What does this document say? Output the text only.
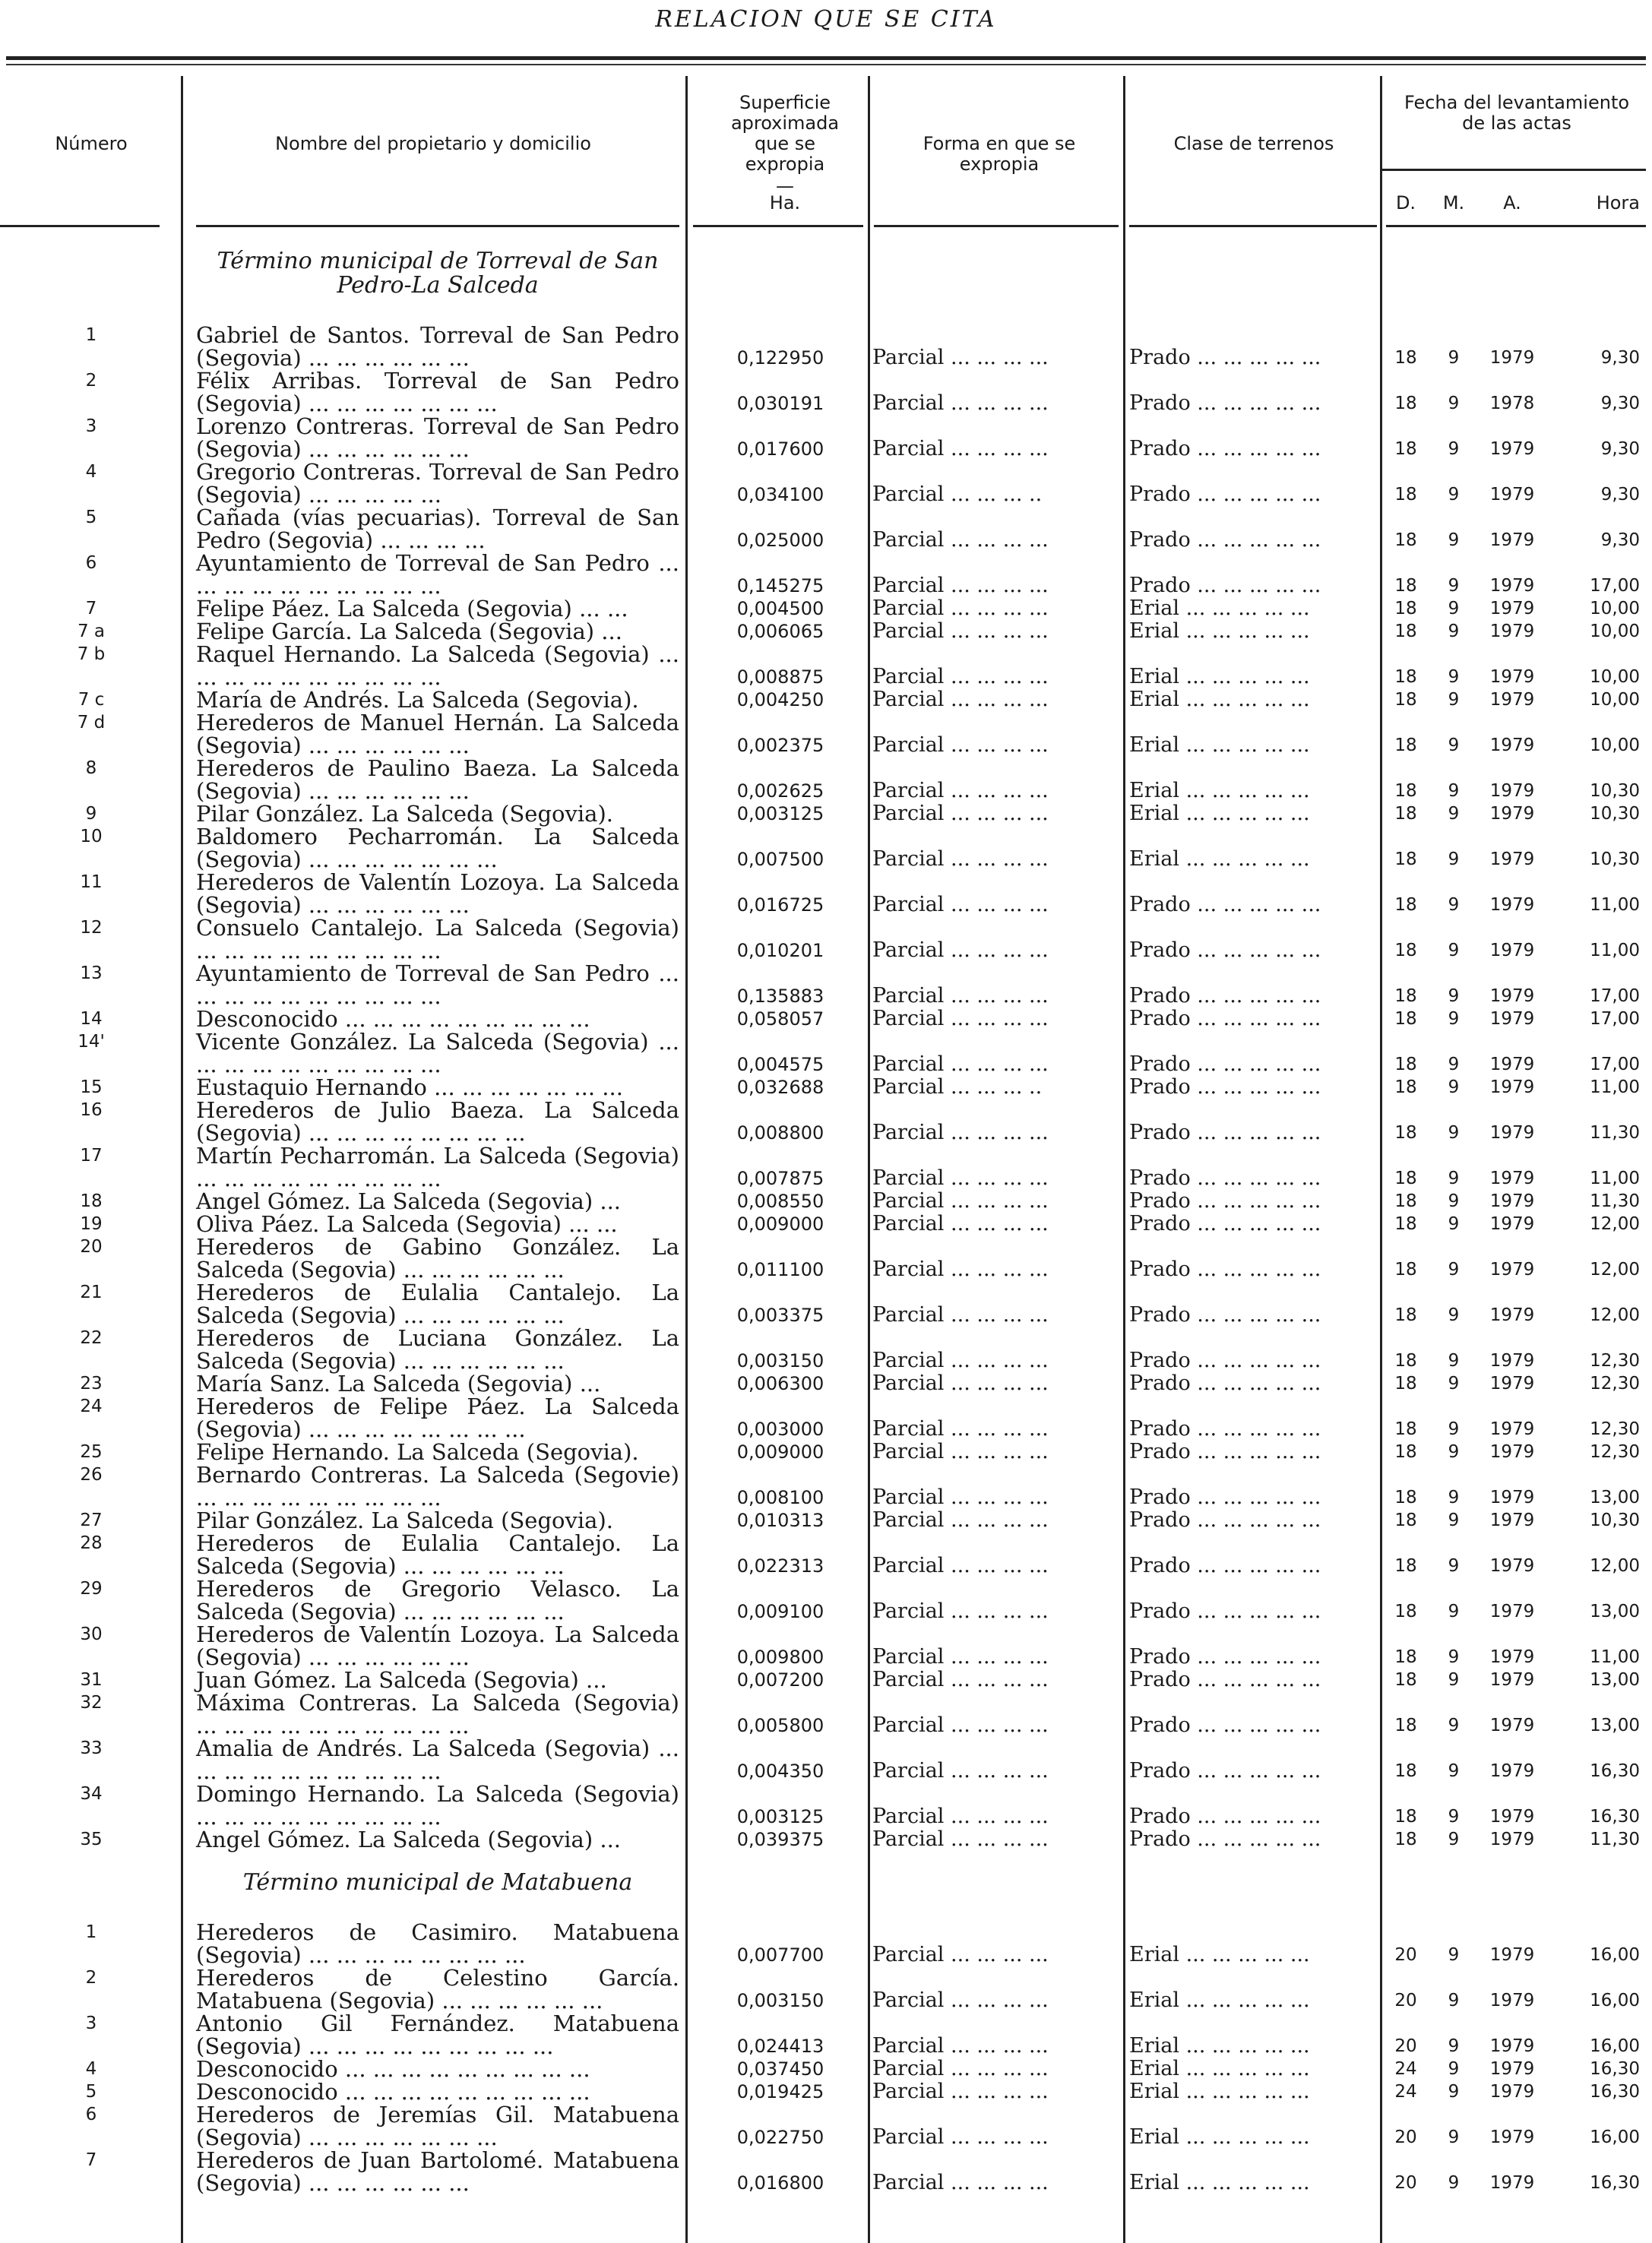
RELACION QUE SE CITA
Número	Nombre del propietario y domicilio
Superficie aproximada que se expropia
—
Ha.
Forma en que se expropia
Clase de terrenos
Fecha del levantamiento de las actas
D.	M.	A.	Hora
Término municipal de Torreval de San Pedro-La Salceda
1	Gabriel de Santos. Torreval de San Pedro (Segovia) ... ... ... ... ... ...	0,122950	Parcial ... ... ... ...	Prado ... ... ... ... ...	18	9	1979	9,30
2	Félix Arribas. Torreval de San Pedro (Segovia) ... ... ... ... ... ... ...	0,030191	Parcial ... ... ... ...	Prado ... ... ... ... ...	18	9	1978	9,30
3	Lorenzo Contreras. Torreval de San Pedro (Segovia) ... ... ... ... ... ...	0,017600	Parcial ... ... ... ...	Prado ... ... ... ... ...	18	9	1979	9,30
4	Gregorio Contreras. Torreval de San Pedro (Segovia) ... ... ... ... ...	0,034100	Parcial ... ... ... ..	Prado ... ... ... ... ...	18	9	1979	9,30
5	Cañada (vías pecuarias). Torreval de San Pedro (Segovia) ... ... ... ...	0,025000	Parcial ... ... ... ...	Prado ... ... ... ... ...	18	9	1979	9,30
6	Ayuntamiento de Torreval de San Pedro ... ... ... ... ... ... ... ... ... ...	0,145275	Parcial ... ... ... ...	Prado ... ... ... ... ...	18	9	1979	17,00
7	Felipe Páez. La Salceda (Segovia) ... ...	0,004500	Parcial ... ... ... ...	Erial ... ... ... ... ...	18	9	1979	10,00
7 a	Felipe García. La Salceda (Segovia) ...	0,006065	Parcial ... ... ... ...	Erial ... ... ... ... ...	18	9	1979	10,00
7 b	Raquel Hernando. La Salceda (Segovia) ... ... ... ... ... ... ... ... ... ...	0,008875	Parcial ... ... ... ...	Erial ... ... ... ... ...	18	9	1979	10,00
7 c	María de Andrés. La Salceda (Segovia).	0,004250	Parcial ... ... ... ...	Erial ... ... ... ... ...	18	9	1979	10,00
7 d	Herederos de Manuel Hernán. La Salceda (Segovia) ... ... ... ... ... ...	0,002375	Parcial ... ... ... ...	Erial ... ... ... ... ...	18	9	1979	10,00
8	Herederos de Paulino Baeza. La Salceda (Segovia) ... ... ... ... ... ...	0,002625	Parcial ... ... ... ...	Erial ... ... ... ... ...	18	9	1979	10,30
9	Pilar González. La Salceda (Segovia).	0,003125	Parcial ... ... ... ...	Erial ... ... ... ... ...	18	9	1979	10,30
10	Baldomero Pecharromán. La Salceda (Segovia) ... ... ... ... ... ... ...	0,007500	Parcial ... ... ... ...	Erial ... ... ... ... ...	18	9	1979	10,30
11	Herederos de Valentín Lozoya. La Salceda (Segovia) ... ... ... ... ... ...	0,016725	Parcial ... ... ... ...	Prado ... ... ... ... ...	18	9	1979	11,00
12	Consuelo Cantalejo. La Salceda (Segovia) ... ... ... ... ... ... ... ... ...	0,010201	Parcial ... ... ... ...	Prado ... ... ... ... ...	18	9	1979	11,00
13	Ayuntamiento de Torreval de San Pedro ... ... ... ... ... ... ... ... ... ...	0,135883	Parcial ... ... ... ...	Prado ... ... ... ... ...	18	9	1979	17,00
14	Desconocido ... ... ... ... ... ... ... ... ...	0,058057	Parcial ... ... ... ...	Prado ... ... ... ... ...	18	9	1979	17,00
14'	Vicente González. La Salceda (Segovia) ... ... ... ... ... ... ... ... ... ...	0,004575	Parcial ... ... ... ...	Prado ... ... ... ... ...	18	9	1979	17,00
15	Eustaquio Hernando ... ... ... ... ... ... ...	0,032688	Parcial ... ... ... ..	Prado ... ... ... ... ...	18	9	1979	11,00
16	Herederos de Julio Baeza. La Salceda (Segovia) ... ... ... ... ... ... ... ...	0,008800	Parcial ... ... ... ...	Prado ... ... ... ... ...	18	9	1979	11,30
17	Martín Pecharromán. La Salceda (Segovia) ... ... ... ... ... ... ... ... ...	0,007875	Parcial ... ... ... ...	Prado ... ... ... ... ...	18	9	1979	11,00
18	Angel Gómez. La Salceda (Segovia) ...	0,008550	Parcial ... ... ... ...	Prado ... ... ... ... ...	18	9	1979	11,30
19	Oliva Páez. La Salceda (Segovia) ... ...	0,009000	Parcial ... ... ... ...	Prado ... ... ... ... ...	18	9	1979	12,00
20	Herederos de Gabino González. La Salceda (Segovia) ... ... ... ... ... ...	0,011100	Parcial ... ... ... ...	Prado ... ... ... ... ...	18	9	1979	12,00
21	Herederos de Eulalia Cantalejo. La Salceda (Segovia) ... ... ... ... ... ...	0,003375	Parcial ... ... ... ...	Prado ... ... ... ... ...	18	9	1979	12,00
22	Herederos de Luciana González. La Salceda (Segovia) ... ... ... ... ... ...	0,003150	Parcial ... ... ... ...	Prado ... ... ... ... ...	18	9	1979	12,30
23	María Sanz. La Salceda (Segovia) ...	0,006300	Parcial ... ... ... ...	Prado ... ... ... ... ...	18	9	1979	12,30
24	Herederos de Felipe Páez. La Salceda (Segovia) ... ... ... ... ... ... ... ...	0,003000	Parcial ... ... ... ...	Prado ... ... ... ... ...	18	9	1979	12,30
25	Felipe Hernando. La Salceda (Segovia).	0,009000	Parcial ... ... ... ...	Prado ... ... ... ... ...	18	9	1979	12,30
26	Bernardo Contreras. La Salceda (Segovie) ... ... ... ... ... ... ... ... ...	0,008100	Parcial ... ... ... ...	Prado ... ... ... ... ...	18	9	1979	13,00
27	Pilar González. La Salceda (Segovia).	0,010313	Parcial ... ... ... ...	Prado ... ... ... ... ...	18	9	1979	10,30
28	Herederos de Eulalia Cantalejo. La Salceda (Segovia) ... ... ... ... ... ...	0,022313	Parcial ... ... ... ...	Prado ... ... ... ... ...	18	9	1979	12,00
29	Herederos de Gregorio Velasco. La Salceda (Segovia) ... ... ... ... ... ...	0,009100	Parcial ... ... ... ...	Prado ... ... ... ... ...	18	9	1979	13,00
30	Herederos de Valentín Lozoya. La Salceda (Segovia) ... ... ... ... ... ...	0,009800	Parcial ... ... ... ...	Prado ... ... ... ... ...	18	9	1979	11,00
31	Juan Gómez. La Salceda (Segovia) ...	0,007200	Parcial ... ... ... ...	Prado ... ... ... ... ...	18	9	1979	13,00
32	Máxima Contreras. La Salceda (Segovia) ... ... ... ... ... ... ... ... ... ...	0,005800	Parcial ... ... ... ...	Prado ... ... ... ... ...	18	9	1979	13,00
33	Amalia de Andrés. La Salceda (Segovia) ... ... ... ... ... ... ... ... ... ...	0,004350	Parcial ... ... ... ...	Prado ... ... ... ... ...	18	9	1979	16,30
34	Domingo Hernando. La Salceda (Segovia) ... ... ... ... ... ... ... ... ...	0,003125	Parcial ... ... ... ...	Prado ... ... ... ... ...	18	9	1979	16,30
35	Angel Gómez. La Salceda (Segovia) ...	0,039375	Parcial ... ... ... ...	Prado ... ... ... ... ...	18	9	1979	11,30
Término municipal de Matabuena
1	Herederos de Casimiro. Matabuena (Segovia) ... ... ... ... ... ... ... ...	0,007700	Parcial ... ... ... ...	Erial ... ... ... ... ...	20	9	1979	16,00
2	Herederos de Celestino García. Matabuena (Segovia) ... ... ... ... ... ...	0,003150	Parcial ... ... ... ...	Erial ... ... ... ... ...	20	9	1979	16,00
3	Antonio Gil Fernández. Matabuena (Segovia) ... ... ... ... ... ... ... ... ...	0,024413	Parcial ... ... ... ...	Erial ... ... ... ... ...	20	9	1979	16,00
4	Desconocido ... ... ... ... ... ... ... ... ...	0,037450	Parcial ... ... ... ...	Erial ... ... ... ... ...	24	9	1979	16,30
5	Desconocido ... ... ... ... ... ... ... ... ...	0,019425	Parcial ... ... ... ...	Erial ... ... ... ... ...	24	9	1979	16,30
6	Herederos de Jeremías Gil. Matabuena (Segovia) ... ... ... ... ... ... ...	0,022750	Parcial ... ... ... ...	Erial ... ... ... ... ...	20	9	1979	16,00
7	Herederos de Juan Bartolomé. Matabuena (Segovia) ... ... ... ... ... ...	0,016800	Parcial ... ... ... ...	Erial ... ... ... ... ...	20	9	1979	16,30
